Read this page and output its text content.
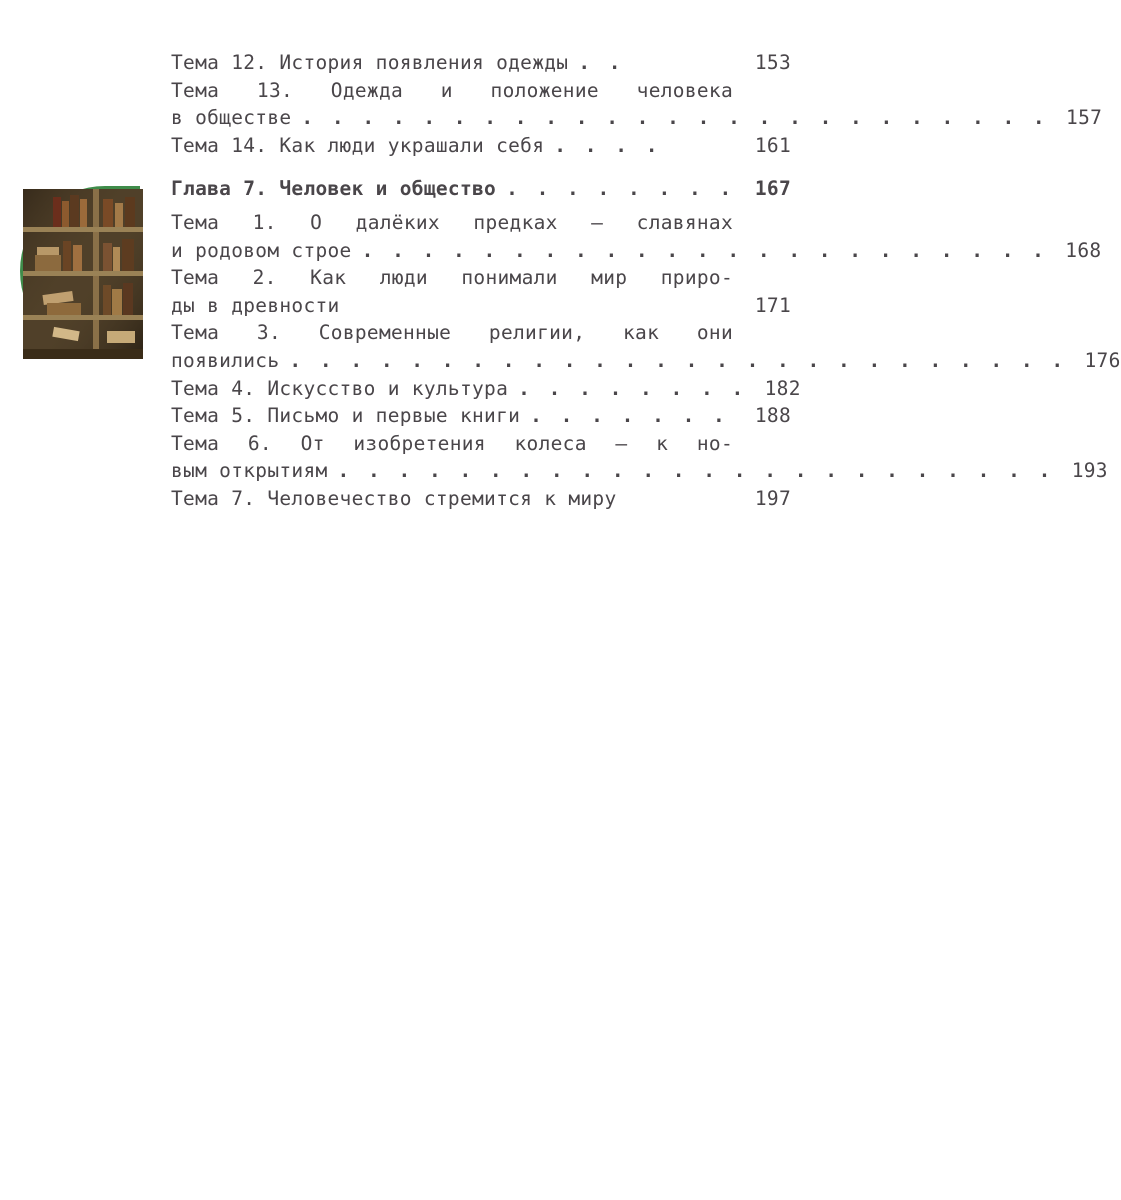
Тема 12. История появления одежды . .	153
Тема 13. Одежда и положение человека
в обществе . . . . . . . . . . . . . . . . . . . . . . . . . 157
Тема 14. Как люди украшали себя . . . .	161
Глава 7. Человек и общество . . . . . . . .	167
Тема 1. О далёких предках — славянах
и родовом строе . . . . . . . . . . . . . . . . . . . . . . . 168
Тема 2. Как люди понимали мир приро-
ды в древности	171
Тема 3. Современные религии, как они
появились . . . . . . . . . . . . . . . . . . . . . . . . . . 176
Тема 4. Искусство и культура . . . . . . . . 182
Тема 5. Письмо и первые книги . . . . . . .	188
Тема 6. От изобретения колеса — к но-
вым открытиям . . . . . . . . . . . . . . . . . . . . . . . . 193
Тема 7. Человечество стремится к миру	197
